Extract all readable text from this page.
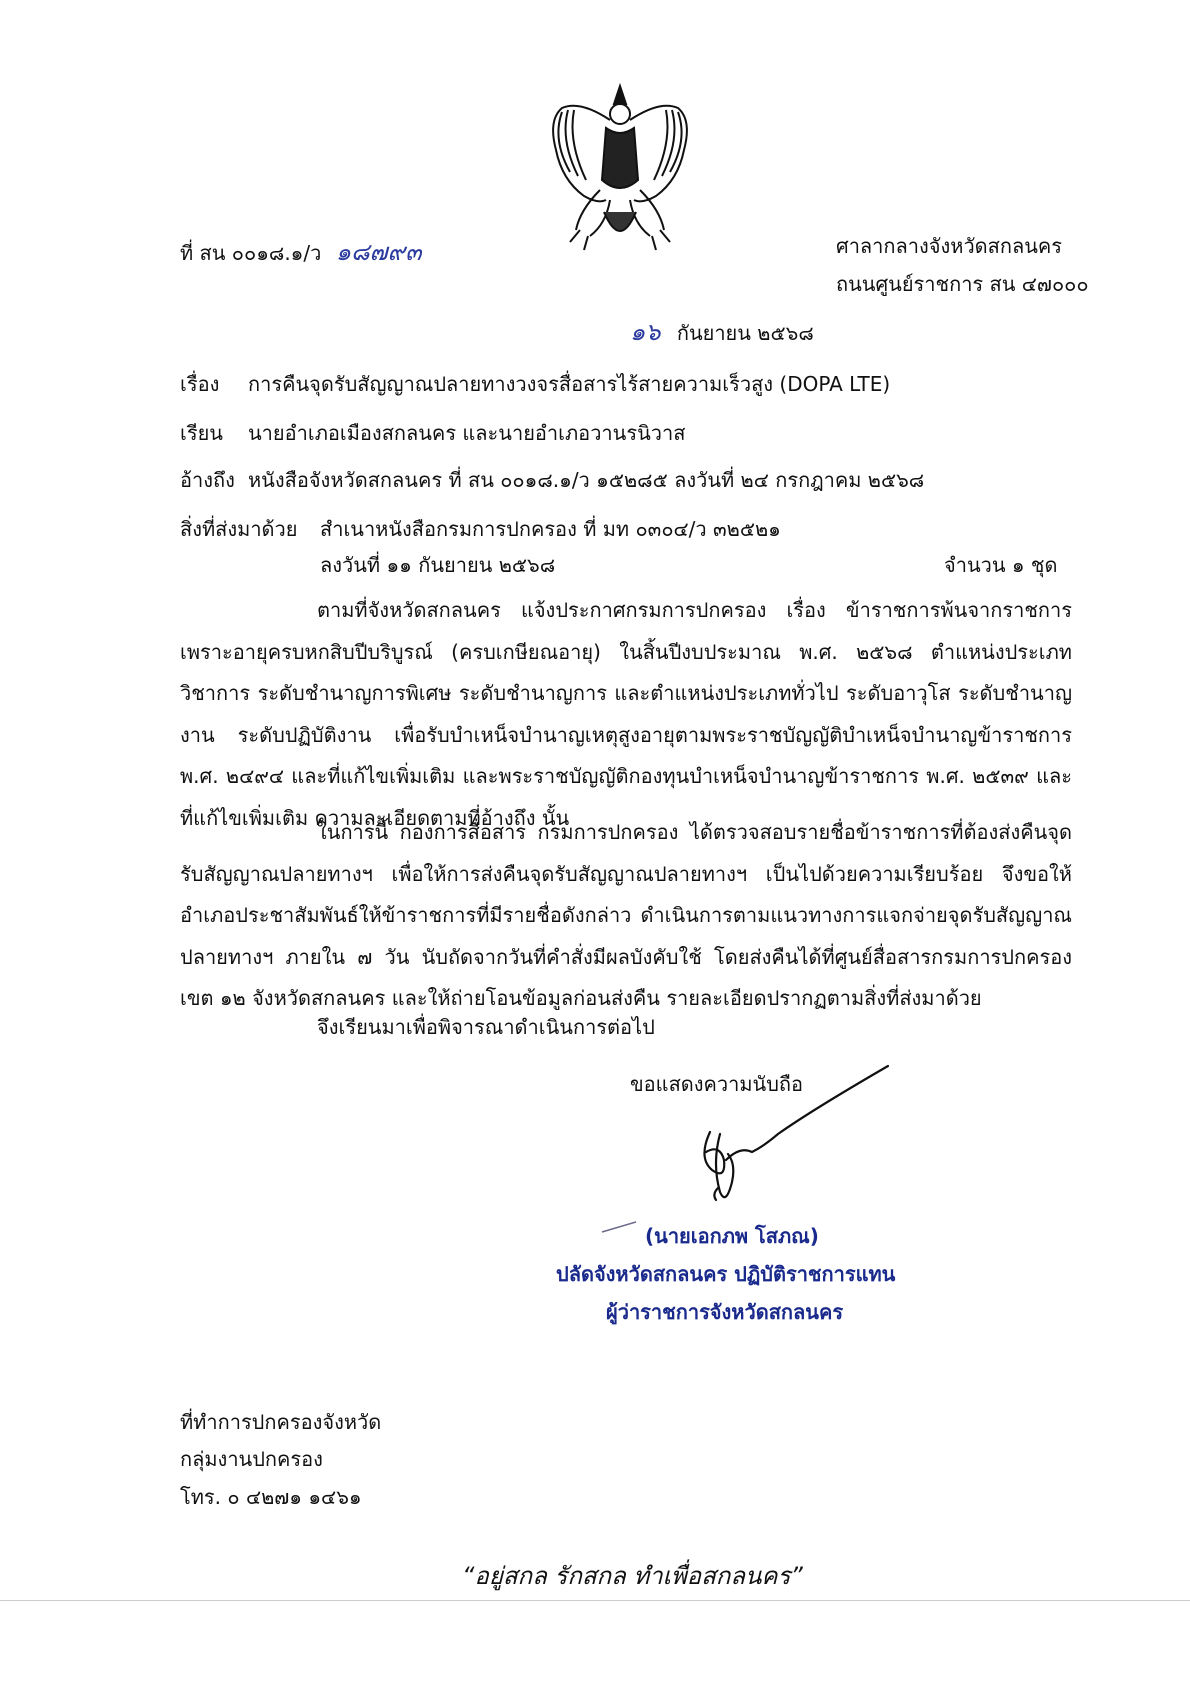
ที่ สน ๐๐๑๘.๑/ว ๑๘๗๙๓	ศาลากลางจังหวัดสกลนคร
ถนนศูนย์ราชการ สน ๔๗๐๐๐
๑๖ กันยายน ๒๕๖๘
เรื่อง การคืนจุดรับสัญญาณปลายทางวงจรสื่อสารไร้สายความเร็วสูง (DOPA LTE)
เรียน นายอำเภอเมืองสกลนคร และนายอำเภอวานรนิวาส
อ้างถึง หนังสือจังหวัดสกลนคร ที่ สน ๐๐๑๘.๑/ว ๑๕๒๘๕ ลงวันที่ ๒๔ กรกฎาคม ๒๕๖๘
สิ่งที่ส่งมาด้วย สำเนาหนังสือกรมการปกครอง ที่ มท ๐๓๐๔/ว ๓๒๕๒๑
ลงวันที่ ๑๑ กันยายน ๒๕๖๘	จำนวน ๑ ชุด
ตามที่จังหวัดสกลนคร แจ้งประกาศกรมการปกครอง เรื่อง ข้าราชการพ้นจากราชการเพราะอายุครบหกสิบปีบริบูรณ์ (ครบเกษียณอายุ) ในสิ้นปีงบประมาณ พ.ศ. ๒๕๖๘ ตำแหน่งประเภทวิชาการ ระดับชำนาญการพิเศษ ระดับชำนาญการ และตำแหน่งประเภททั่วไป ระดับอาวุโส ระดับชำนาญงาน ระดับปฏิบัติงาน เพื่อรับบำเหน็จบำนาญเหตุสูงอายุตามพระราชบัญญัติบำเหน็จบำนาญข้าราชการ พ.ศ. ๒๔๙๔ และที่แก้ไขเพิ่มเติม และพระราชบัญญัติกองทุนบำเหน็จบำนาญข้าราชการ พ.ศ. ๒๕๓๙ และที่แก้ไขเพิ่มเติม ความละเอียดตามที่อ้างถึง นั้น
ในการนี้ กองการสื่อสาร กรมการปกครอง ได้ตรวจสอบรายชื่อข้าราชการที่ต้องส่งคืนจุดรับสัญญาณปลายทางฯ เพื่อให้การส่งคืนจุดรับสัญญาณปลายทางฯ เป็นไปด้วยความเรียบร้อย จึงขอให้อำเภอประชาสัมพันธ์ให้ข้าราชการที่มีรายชื่อดังกล่าว ดำเนินการตามแนวทางการแจกจ่ายจุดรับสัญญาณปลายทางฯ ภายใน ๗ วัน นับถัดจากวันที่คำสั่งมีผลบังคับใช้ โดยส่งคืนได้ที่ศูนย์สื่อสารกรมการปกครองเขต ๑๒ จังหวัดสกลนคร และให้ถ่ายโอนข้อมูลก่อนส่งคืน รายละเอียดปรากฏตามสิ่งที่ส่งมาด้วย
จึงเรียนมาเพื่อพิจารณาดำเนินการต่อไป
ขอแสดงความนับถือ
(นายเอกภพ โสภณ)
ปลัดจังหวัดสกลนคร ปฏิบัติราชการแทน
ผู้ว่าราชการจังหวัดสกลนคร
ที่ทำการปกครองจังหวัด
กลุ่มงานปกครอง
โทร. ๐ ๔๒๗๑ ๑๔๖๑
“อยู่สกล รักสกล ทำเพื่อสกลนคร”
